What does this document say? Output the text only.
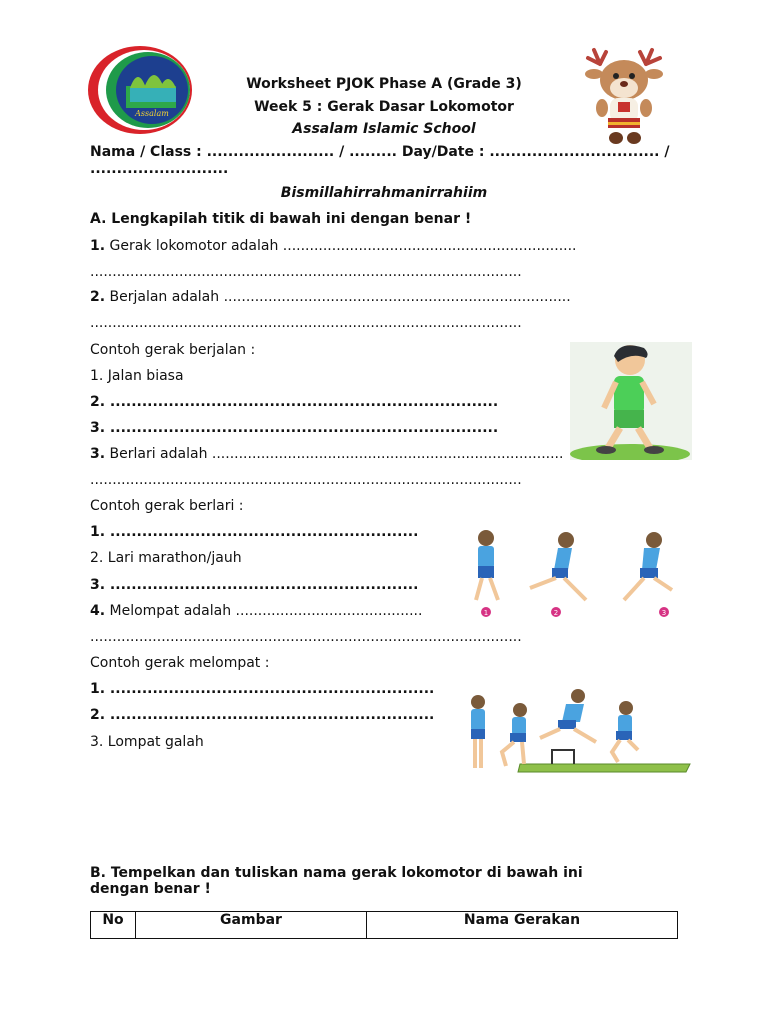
Assalam
Worksheet PJOK Phase A (Grade 3)
Week 5 : Gerak Dasar Lokomotor
Assalam Islamic School
Nama / Class : ........................ / ......... Day/Date : ................................ /
..........................
Bismillahirrahmanirrahiim
A. Lengkapilah titik di bawah ini dengan benar !
1. Gerak lokomotor adalah ..................................................................
.................................................................................................
2. Berjalan adalah ..............................................................................
.................................................................................................
Contoh gerak berjalan :
1. Jalan biasa
2. .........................................................................
3. .........................................................................
3. Berlari adalah ...............................................................................
.................................................................................................
Contoh gerak berlari :
1. ..........................................................
2. Lari marathon/jauh
3. ..........................................................
1	2	3
4. Melompat adalah ..........................................
.................................................................................................
Contoh gerak melompat :
1. .............................................................
2. .............................................................
3. Lompat galah
B. Tempelkan dan tuliskan nama gerak lokomotor di bawah ini
dengan benar !
No	Gambar	Nama Gerakan
